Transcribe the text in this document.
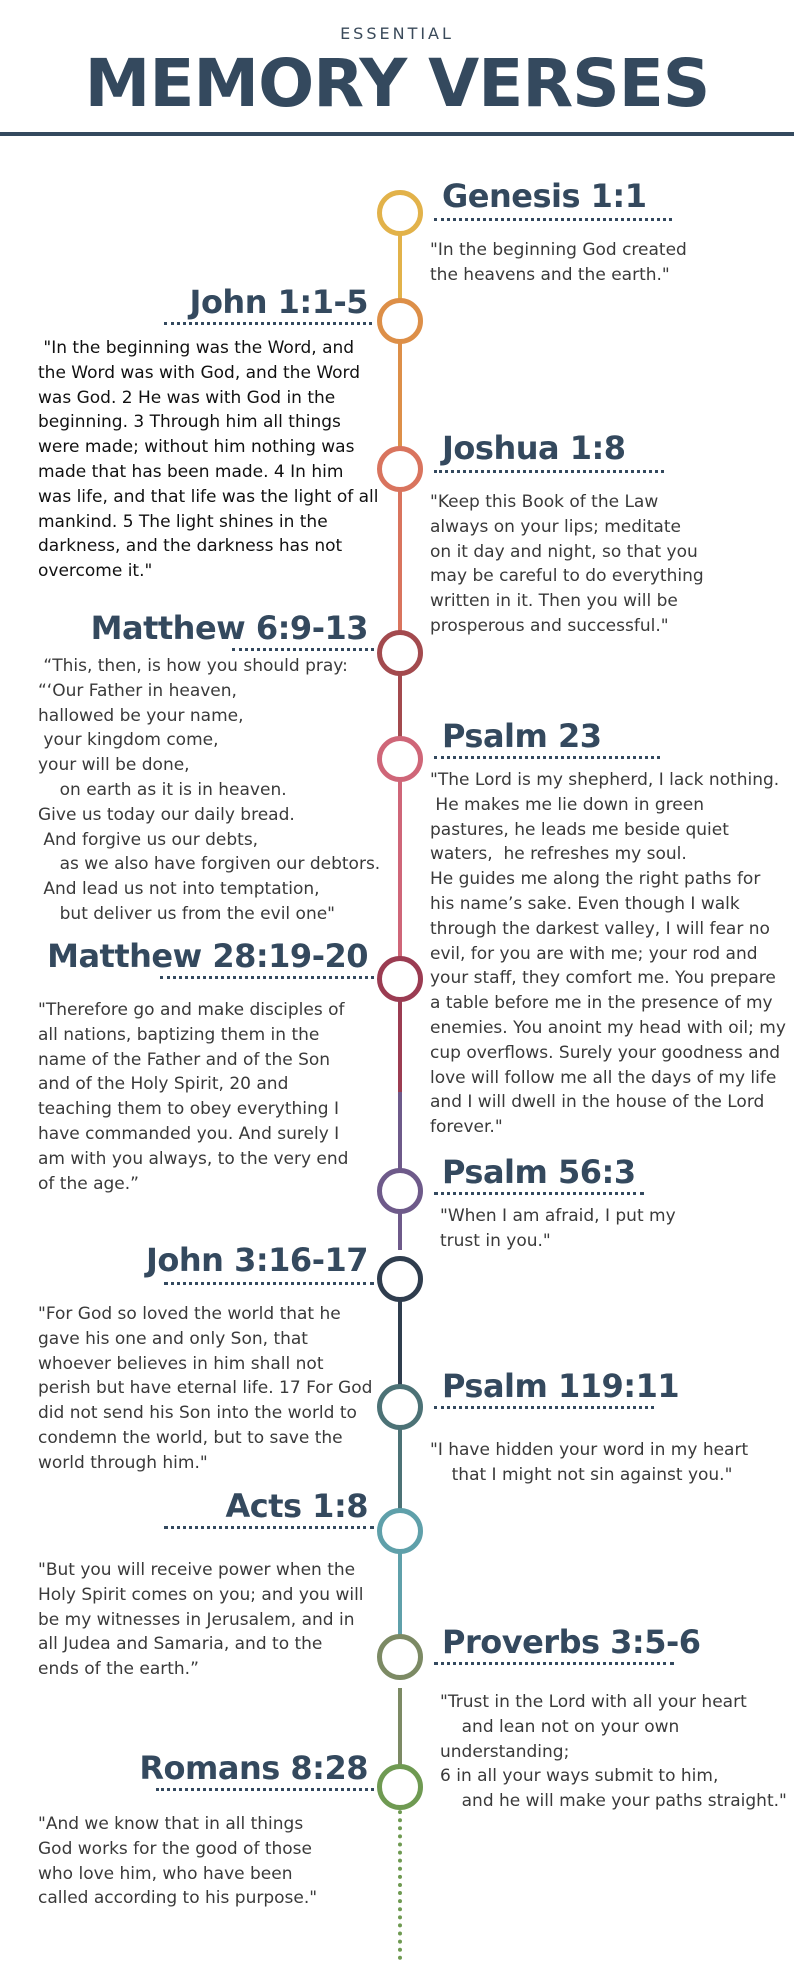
ESSENTIAL
MEMORY VERSES
Genesis 1:1
"In the beginning God created
the heavens and the earth."
John 1:1-5
"In the beginning was the Word, and
the Word was with God, and the Word
was God. 2 He was with God in the
beginning. 3 Through him all things
were made; without him nothing was
made that has been made. 4 In him
was life, and that life was the light of all
mankind. 5 The light shines in the
darkness, and the darkness has not
overcome it."
Joshua 1:8
"Keep this Book of the Law
always on your lips; meditate
on it day and night, so that you
may be careful to do everything
written in it. Then you will be
prosperous and successful."
Matthew 6:9-13
“This, then, is how you should pray:
“‘Our Father in heaven,
hallowed be your name,
your kingdom come,
your will be done,
on earth as it is in heaven.
Give us today our daily bread.
And forgive us our debts,
as we also have forgiven our debtors.
And lead us not into temptation,
but deliver us from the evil one"
Psalm 23
"The Lord is my shepherd, I lack nothing.
He makes me lie down in green
pastures, he leads me beside quiet
waters,  he refreshes my soul.
He guides me along the right paths for
his name’s sake. Even though I walk
through the darkest valley, I will fear no
evil, for you are with me; your rod and
your staff, they comfort me. You prepare
a table before me in the presence of my
enemies. You anoint my head with oil; my
cup overflows. Surely your goodness and
love will follow me all the days of my life
and I will dwell in the house of the Lord
forever."
Matthew 28:19-20
"Therefore go and make disciples of
all nations, baptizing them in the
name of the Father and of the Son
and of the Holy Spirit, 20 and
teaching them to obey everything I
have commanded you. And surely I
am with you always, to the very end
of the age.”	Psalm 56:3
"When I am afraid, I put my
trust in you."
John 3:16-17
"For God so loved the world that he
gave his one and only Son, that
whoever believes in him shall not
perish but have eternal life. 17 For God
did not send his Son into the world to
condemn the world, but to save the
world through him."
Psalm 119:11
"I have hidden your word in my heart
that I might not sin against you."
Acts 1:8
"But you will receive power when the
Holy Spirit comes on you; and you will
be my witnesses in Jerusalem, and in
all Judea and Samaria, and to the
ends of the earth.”
Proverbs 3:5-6
"Trust in the Lord with all your heart
and lean not on your own
understanding;
6 in all your ways submit to him,
and he will make your paths straight."
Romans 8:28
"And we know that in all things
God works for the good of those
who love him, who have been
called according to his purpose."
